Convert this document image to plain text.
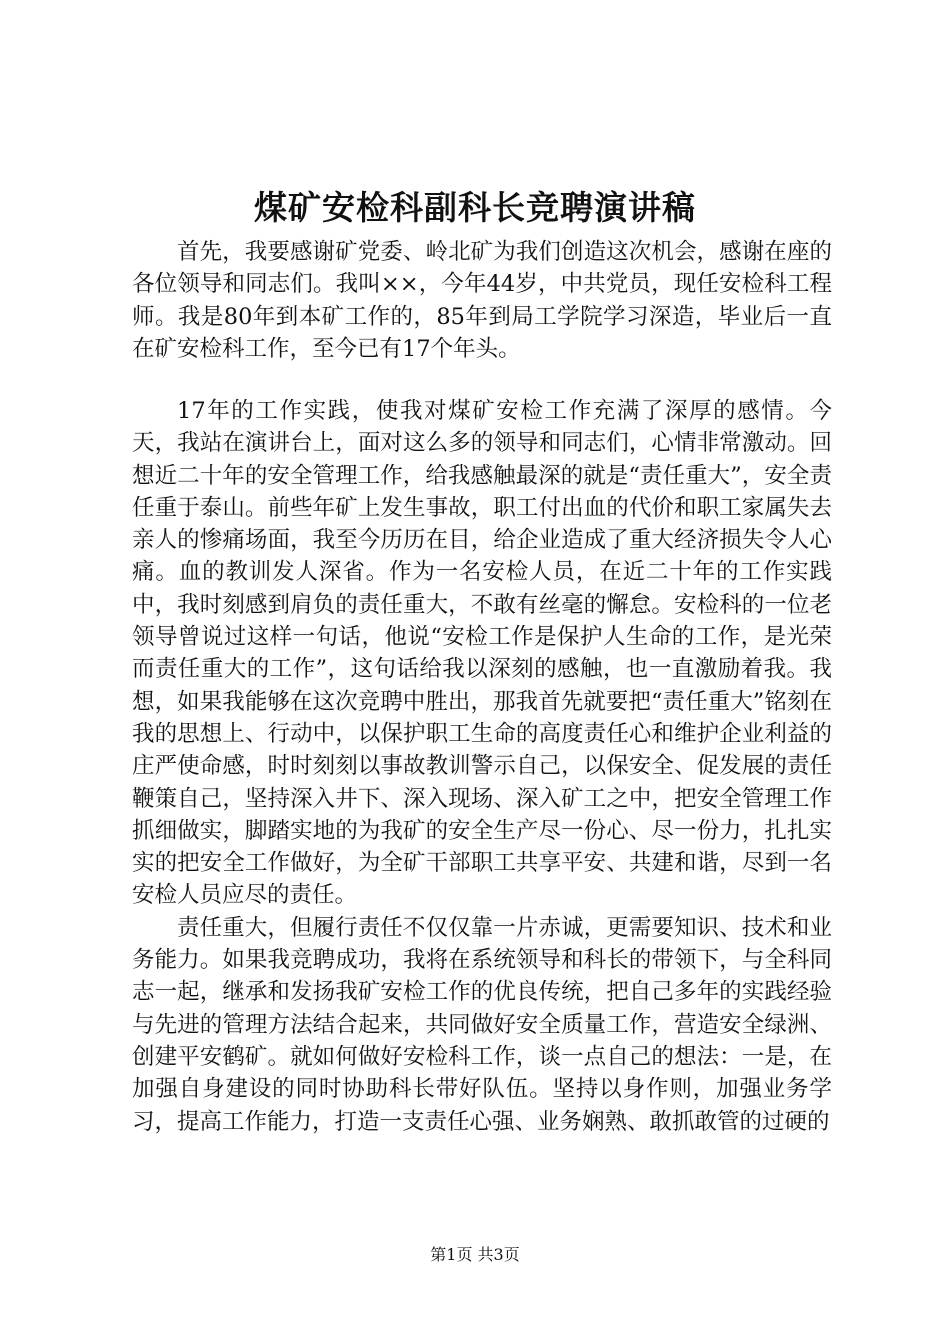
煤矿安检科副科长竞聘演讲稿

首先，我要感谢矿党委、岭北矿为我们创造这次机会，感谢在座的各位领导和同志们。我叫××，今年44岁，中共党员，现任安检科工程师。我是80年到本矿工作的，85年到局工学院学习深造，毕业后一直在矿安检科工作，至今已有17个年头。

17年的工作实践，使我对煤矿安检工作充满了深厚的感情。今天，我站在演讲台上，面对这么多的领导和同志们，心情非常激动。回想近二十年的安全管理工作，给我感触最深的就是“责任重大”，安全责任重于泰山。前些年矿上发生事故，职工付出血的代价和职工家属失去亲人的惨痛场面，我至今历历在目，给企业造成了重大经济损失令人心痛。血的教训发人深省。作为一名安检人员，在近二十年的工作实践中，我时刻感到肩负的责任重大，不敢有丝毫的懈怠。安检科的一位老领导曾说过这样一句话，他说“安检工作是保护人生命的工作，是光荣而责任重大的工作”，这句话给我以深刻的感触，也一直激励着我。我想，如果我能够在这次竞聘中胜出，那我首先就要把“责任重大”铭刻在我的思想上、行动中，以保护职工生命的高度责任心和维护企业利益的庄严使命感，时时刻刻以事故教训警示自己，以保安全、促发展的责任鞭策自己，坚持深入井下、深入现场、深入矿工之中，把安全管理工作抓细做实，脚踏实地的为我矿的安全生产尽一份心、尽一份力，扎扎实实的把安全工作做好，为全矿干部职工共享平安、共建和谐，尽到一名安检人员应尽的责任。

责任重大，但履行责任不仅仅靠一片赤诚，更需要知识、技术和业务能力。如果我竞聘成功，我将在系统领导和科长的带领下，与全科同志一起，继承和发扬我矿安检工作的优良传统，把自己多年的实践经验与先进的管理方法结合起来，共同做好安全质量工作，营造安全绿洲、创建平安鹤矿。就如何做好安检科工作，谈一点自己的想法：一是，在加强自身建设的同时协助科长带好队伍。坚持以身作则，加强业务学习，提高工作能力，打造一支责任心强、业务娴熟、敢抓敢管的过硬的

第1页 共3页
